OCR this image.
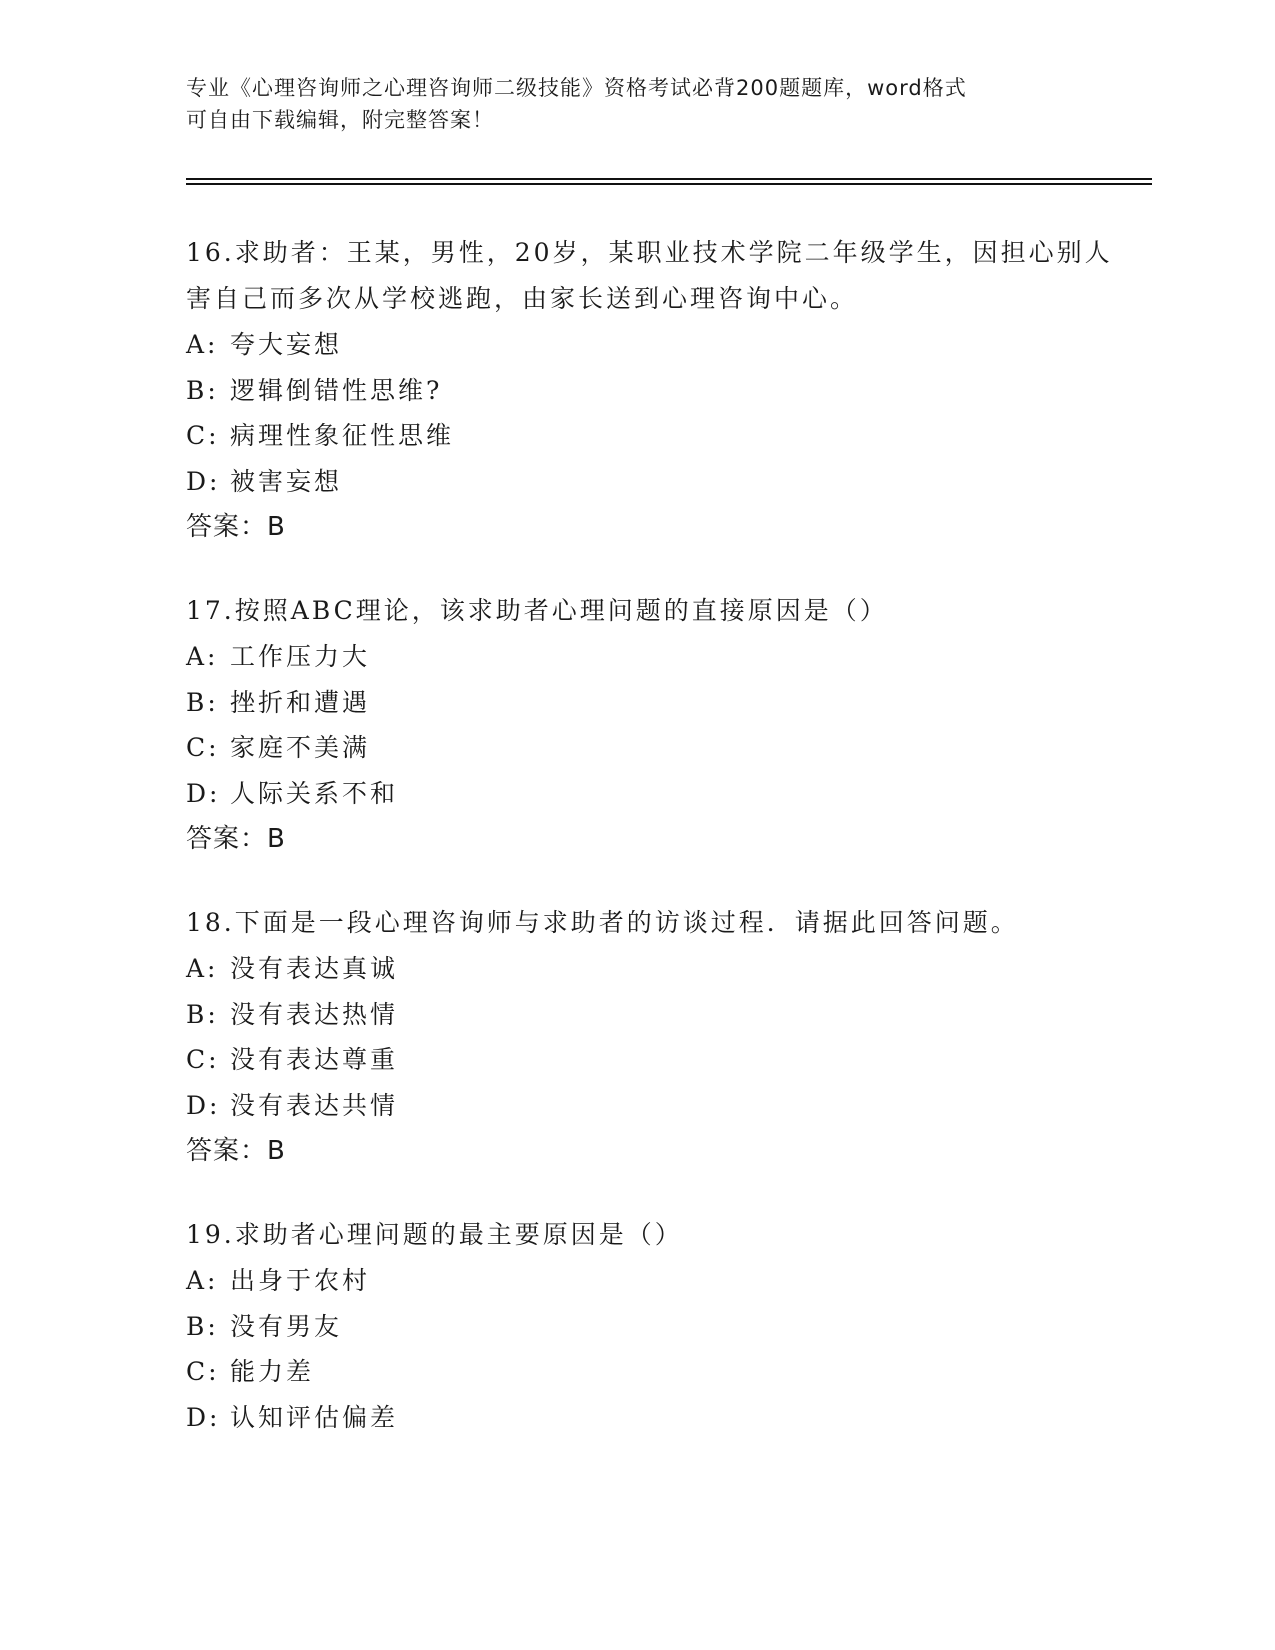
专业《心理咨询师之心理咨询师二级技能》资格考试必背200题题库，word格式
可自由下载编辑，附完整答案！
16.求助者：王某，男性，20岁，某职业技术学院二年级学生，因担心别人害自己而多次从学校逃跑，由家长送到心理咨询中心。
A: 夸大妄想
B: 逻辑倒错性思维?
C: 病理性象征性思维
D: 被害妄想
答案：B
17.按照ABC理论，该求助者心理问题的直接原因是（）
A: 工作压力大
B: 挫折和遭遇
C: 家庭不美满
D: 人际关系不和
答案：B
18.下面是一段心理咨询师与求助者的访谈过程．请据此回答问题。
A: 没有表达真诚
B: 没有表达热情
C: 没有表达尊重
D: 没有表达共情
答案：B
19.求助者心理问题的最主要原因是（）
A: 出身于农村
B: 没有男友
C: 能力差
D: 认知评估偏差
